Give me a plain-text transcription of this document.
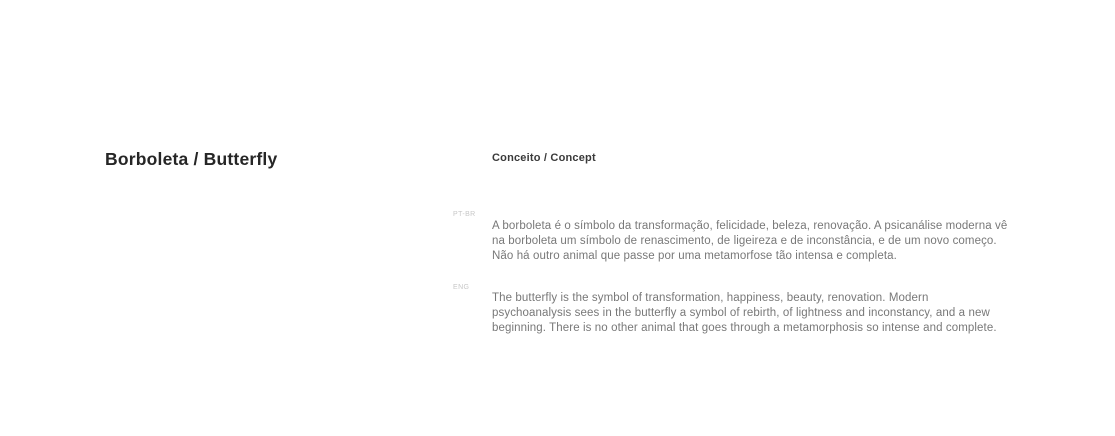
Borboleta / Butterfly	Conceito / Concept
PT-BR

A borboleta é o símbolo da transformação, felicidade, beleza, renovação. A psicanálise moderna vê na borboleta um símbolo de renascimento, de ligeireza e de inconstância, e de um novo começo. Não há outro animal que passe por uma metamorfose tão intensa e completa.

ENG

The butterfly is the symbol of transformation, happiness, beauty, renovation. Modern psychoanalysis sees in the butterfly a symbol of rebirth, of lightness and inconstancy, and a new beginning. There is no other animal that goes through a metamorphosis so intense and complete.
